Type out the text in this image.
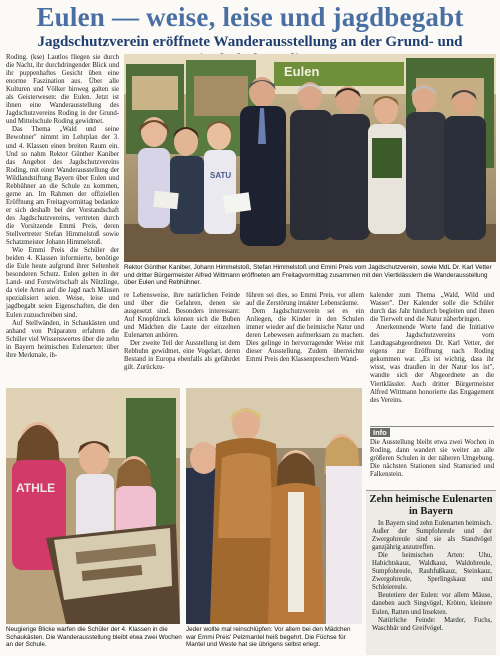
Eulen — weise, leise und jagdbegabt
Jagdschutzverein eröffnete Wanderausstellung an der Grund- und

Roding. (kse) Lautlos fliegen sie durch die Nacht, ihr durchdringender Blick und ihr puppenhaftes Gesicht üben eine enorme Faszination aus. Über alle Kulturen und Völker hinweg galten sie als Geisterwesen: die Eulen. Jetzt ist ihnen eine Wanderausstellung des Jagdschutzvereins Roding in der Grund- und Mittelschule Roding gewidmet.

Das Thema „Wald und seine Bewohner" nimmt im Lehrplan der 3. und 4. Klassen einen breiten Raum ein. Und so nahm Rektor Günther Kaniber das Angebot des Jagdschutzvereins Roding, mit einer Wanderausstellung der Wildlandstiftung Bayern über Eulen und Rebhühner an die Schule zu kommen, gerne an. Im Rahmen der offiziellen Eröffnung am Freitagvormittag bedankte er sich deshalb bei der Vorstandschaft des Jagdschutzvereins, vertreten durch die Vorsitzende Emmi Preis, deren Stellvertreter Stefan Himmelstoß sowie Schatzmeister Johann Himmelstoß.

Wie Emmi Preis die Schüler der beiden 4. Klassen informierte, benötige die Eule heute aufgrund ihrer Seltenheit besonderen Schutz. Eulen gelten in der Land- und Forstwirtschaft als Nützlinge, da viele Arten auf die Jagd nach Mäusen spezialisiert seien. Weise, leise und jagdbegabt seien Eigenschaften, die den Eulen zuzuschreiben sind.

Auf Stellwänden, in Schaukästen und anhand von Präparaten erfahren die Schüler viel Wissenswertes über die zehn in Bayern heimischen Eulenarten: über ihre Merkmale, ih-

SATU
Eulen
Rektor Günther Kaniber, Johann Himmelstoß, Stefan Himmelstoß und Emmi Preis vom Jagdschutzverein, sowie MdL Dr. Karl Vetter und dritter Bürgermeister Alfred Wittmann eröffneten am Freitagvormittag zusammen mit den Viertklässlern die Wanderausstellung über Eulen und Rebhühner.

re Lebensweise, ihre natürlichen Feinde und über die Gefahren, denen sie ausgesetzt sind. Besonders interessant: Auf Knopfdruck können sich die Buben und Mädchen die Laute der einzelnen Eulenarten anhören.

Der zweite Teil der Ausstellung ist dem Rebhuhn gewidmet, eine Vogelart, deren Bestand in Europa ebenfalls als gefährdet gilt. Zurückzu-

führen sei dies, so Emmi Preis, vor allem auf die Zerstörung intakter Lebensräume.

Dem Jagdschutzverein sei es ein Anliegen, die Kinder in den Schulen immer wieder auf die heimische Natur und deren Lebewesen aufmerksam zu machen. Dies gelinge in hervorragender Weise mit dieser Ausstellung. Zudem überreichte Emmi Preis den Klassenpreschern Wand-

kalender zum Thema „Wald, Wild und Wasser". Der Kalender solle die Schüler durch das Jahr hindurch begleiten und ihnen die Tierwelt und die Natur näherbringen.

Anerkennende Worte fand die Initiative des Jagdschutzvereins vom Landtagsabgeordneten Dr. Karl Vetter, der eigens zur Eröffnung nach Roding gekommen war. „Es ist wichtig, dass ihr wisst, was draußen in der Natur los ist", wandte sich der Abgeordnete an die Viertklässler. Auch dritter Bürgermeister Alfred Wittmann honorierte das Engagement des Vereins.

Info

Die Ausstellung bleibt etwa zwei Wochen in Roding, dann wandert sie weiter an alle größeren Schulen in der näheren Umgebung. Die nächsten Stationen sind Stamsried und Falkenstein.

Zehn heimische Eulenarten in Bayern

In Bayern sind zehn Eulenarten heimisch. Außer der Sumpfohreule und der Zwergohreule sind sie als Standvögel ganzjährig anzutreffen.

Die heimischen Arten: Uhu, Habichtskauz, Waldkauz, Waldohreule, Sumpfohreule, Rauhfußkauz, Steinkauz, Zwergohreule, Sperlingskauz und Schleiereule.

Beutetiere der Eulen: vor allem Mäuse, daneben auch Singvögel, Kröten, kleinere Eulen, Ratten und Insekten.

Natürliche Feinde: Marder, Fuchs, Waschbär und Greifvögel.

ATHLE
Neugierige Blicke warfen die Schüler der 4. Klassen in die Schaukästen. Die Wanderausstellung bleibt etwa zwei Wochen an der Schule.
Jeder wollte mal reinschlüpfen: Vor allem bei den Mädchen war Emmi Preis' Pelzmantel heiß begehrt. Die Füchse für Mantel und Weste hat sie übrigens selbst erlegt.
